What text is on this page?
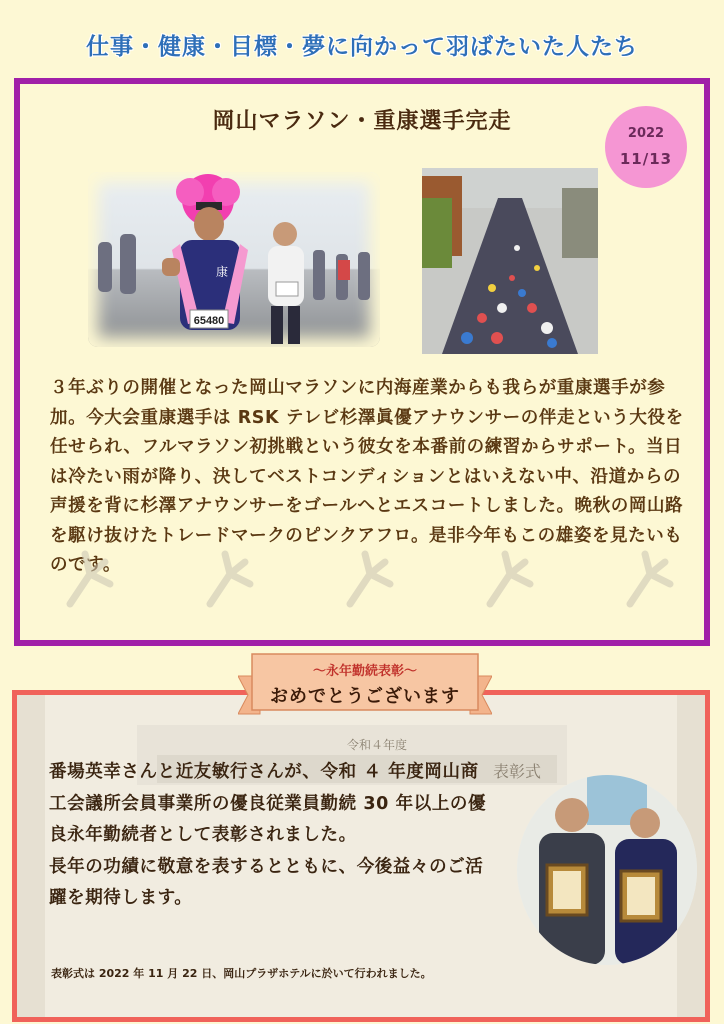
仕事・健康・目標・夢に向かって羽ばたいた人たち
岡山マラソン・重康選手完走	2022
11/13
65480
康
３年ぶりの開催となった岡山マラソンに内海産業からも我らが重康選手が参加。今大会重康選手は RSK テレビ杉澤眞優アナウンサーの伴走という大役を任せられ、フルマラソン初挑戦という彼女を本番前の練習からサポート。当日は冷たい雨が降り、決してベストコンディションとはいえない中、沿道からの声援を背に杉澤アナウンサーをゴールへとエスコートしました。晩秋の岡山路を駆け抜けたトレードマークのピンクアフロ。是非今年もこの雄姿を見たいものです。
令和４年度
表彰式

番場英幸さんと近友敏行さんが、令和 ４ 年度岡山商工会議所会員事業所の優良従業員勤続 30 年以上の優良永年勤続者として表彰されました。

長年の功績に敬意を表するとともに、今後益々のご活躍を期待します。

表彰式は 2022 年 11 月 22 日、岡山プラザホテルに於いて行われました。
～永年勤続表彰～
おめでとうございます
